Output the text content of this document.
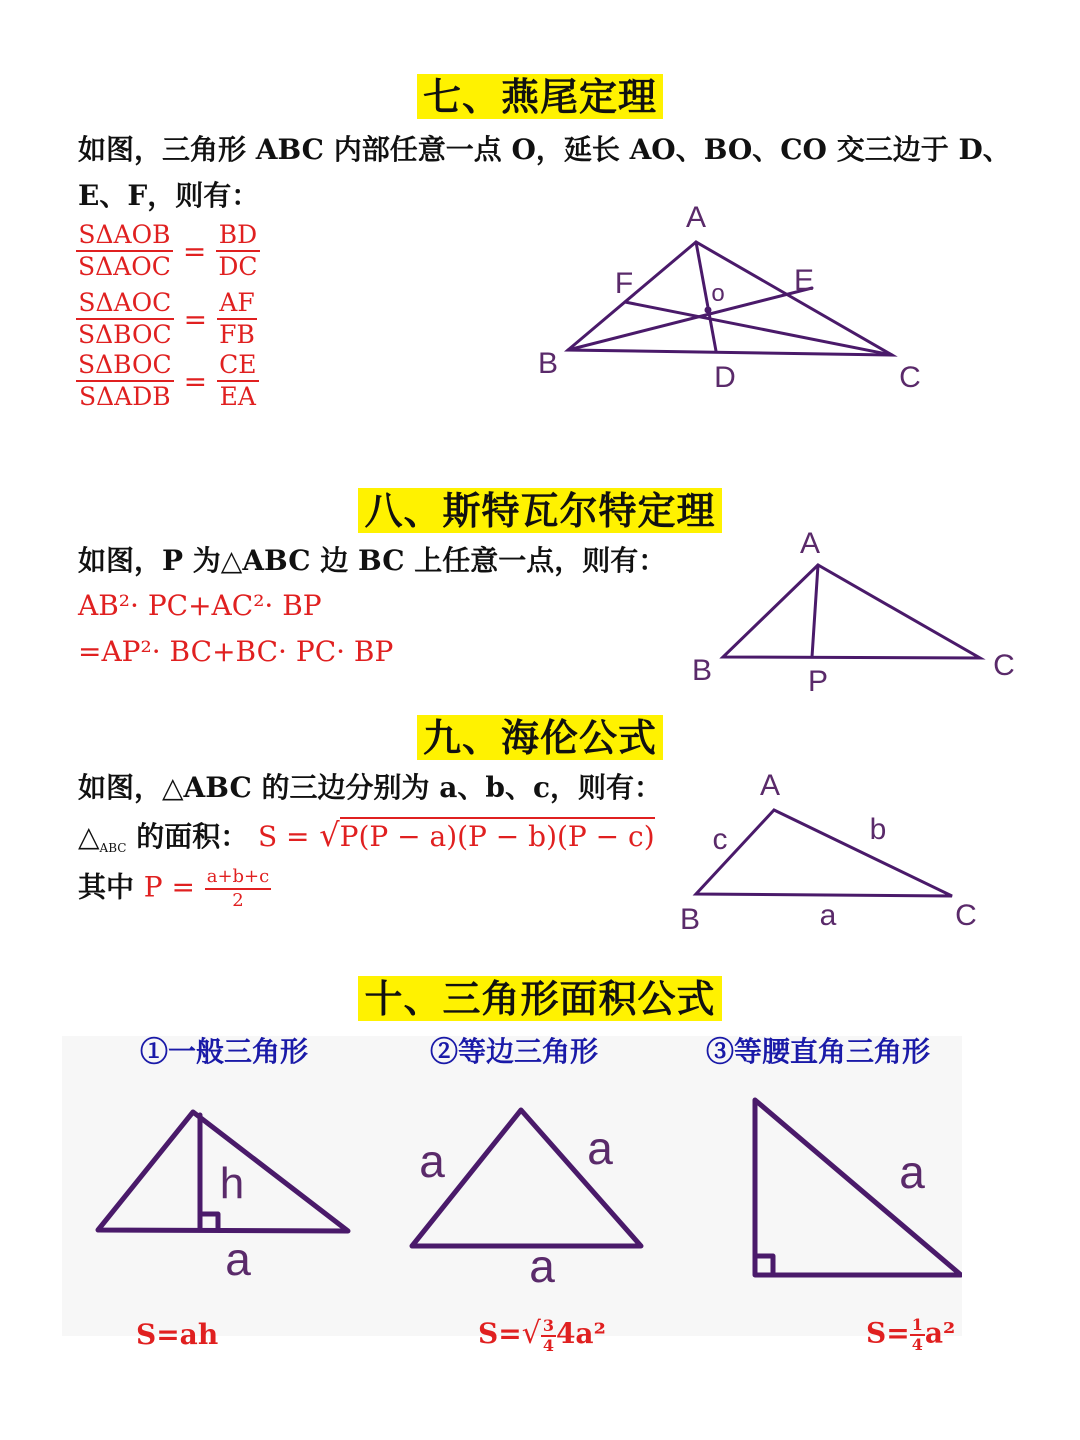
七、燕尾定理
如图，三角形 ABC 内部任意一点 O，延长 AO、BO、CO 交三边于 D、
E、F，则有：
$\frac{\text{SΔAOB}}{\text{SΔAOC}} = \frac{BD}{DC}$
$\frac{\text{SΔAOC}}{\text{SΔBOC}} = \frac{AF}{FB}$
$\frac{\text{SΔBOC}}{\text{SΔADB}} = \frac{CE}{EA}$
A
B	C
D
E
F	o
八、斯特瓦尔特定理
如图，P 为△ABC 边 BC 上任意一点，则有：
AB²· PC+AC²· BP
=AP²· BC+BC· PC· BP
A
B	C
P
九、海伦公式
如图，△ABC 的三边分别为 a、b、c，则有：
$\triangle_{ABC}$ 的面积： S = √P(P − a)(P − b)(P − c)
其中 $P = \frac{a+b+c}{2}$
A
B	C
a
b
c
十、三角形面积公式
①一般三角形	②等边三角形	③等腰直角三角形
h
a
a	a
a
a
S=ah	$S=√ \frac{3}{4} 4a^2$	$S= \frac{1}{4} a^2$
